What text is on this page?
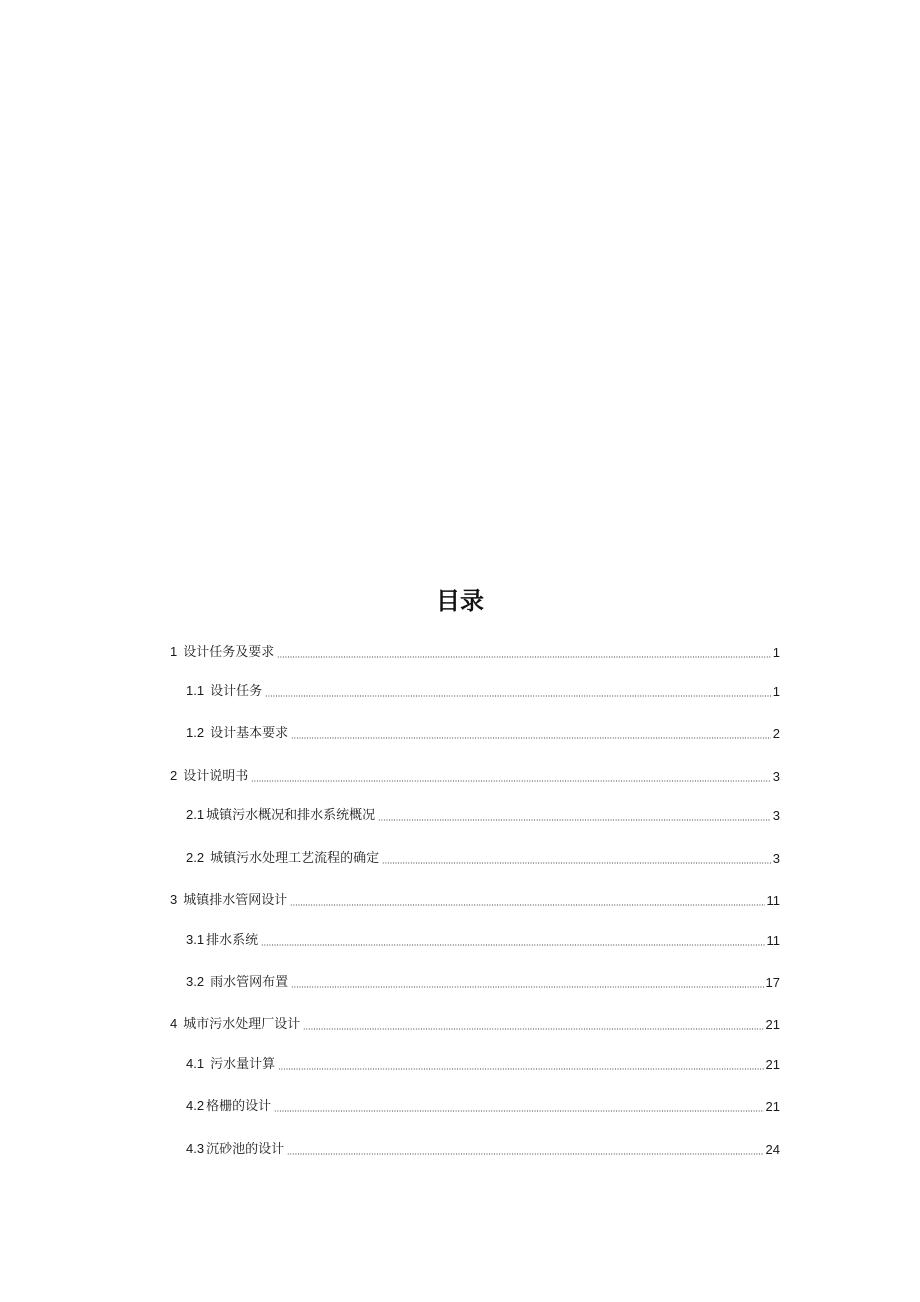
目录
1 设计任务及要求	1
1.1 设计任务	1
1.2 设计基本要求	2
2 设计说明书	3
2.1 城镇污水概况和排水系统概况	3
2.2 城镇污水处理工艺流程的确定	3
3 城镇排水管网设计	11
3.1 排水系统	11
3.2 雨水管网布置	17
4 城市污水处理厂设计	21
4.1 污水量计算	21
4.2 格栅的设计	21
4.3 沉砂池的设计	24
